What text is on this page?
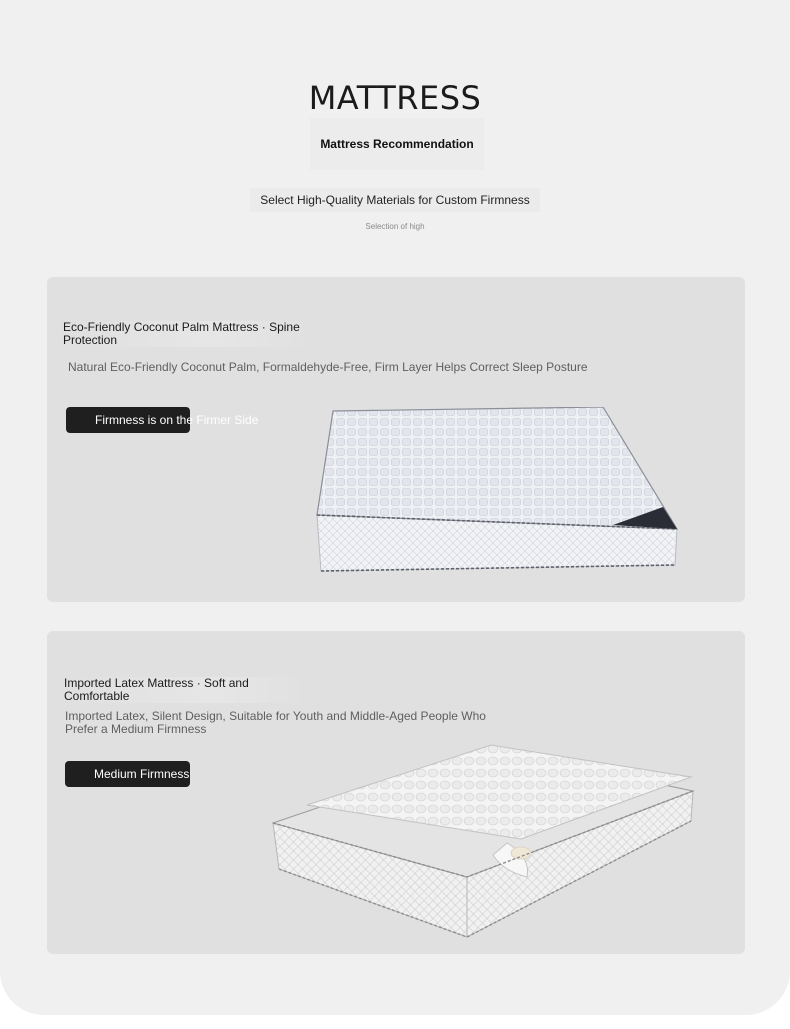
MATTRESS
Mattress Recommendation
Select High-Quality Materials for Custom Firmness
Selection of high
Eco-Friendly Coconut Palm Mattress · Spine Protection
Natural Eco-Friendly Coconut Palm, Formaldehyde-Free, Firm Layer Helps Correct Sleep Posture
Firmness is on the Firmer Side
Imported Latex Mattress · Soft and Comfortable
Imported Latex, Silent Design, Suitable for Youth and Middle-Aged People Who Prefer a Medium Firmness
Medium Firmness
